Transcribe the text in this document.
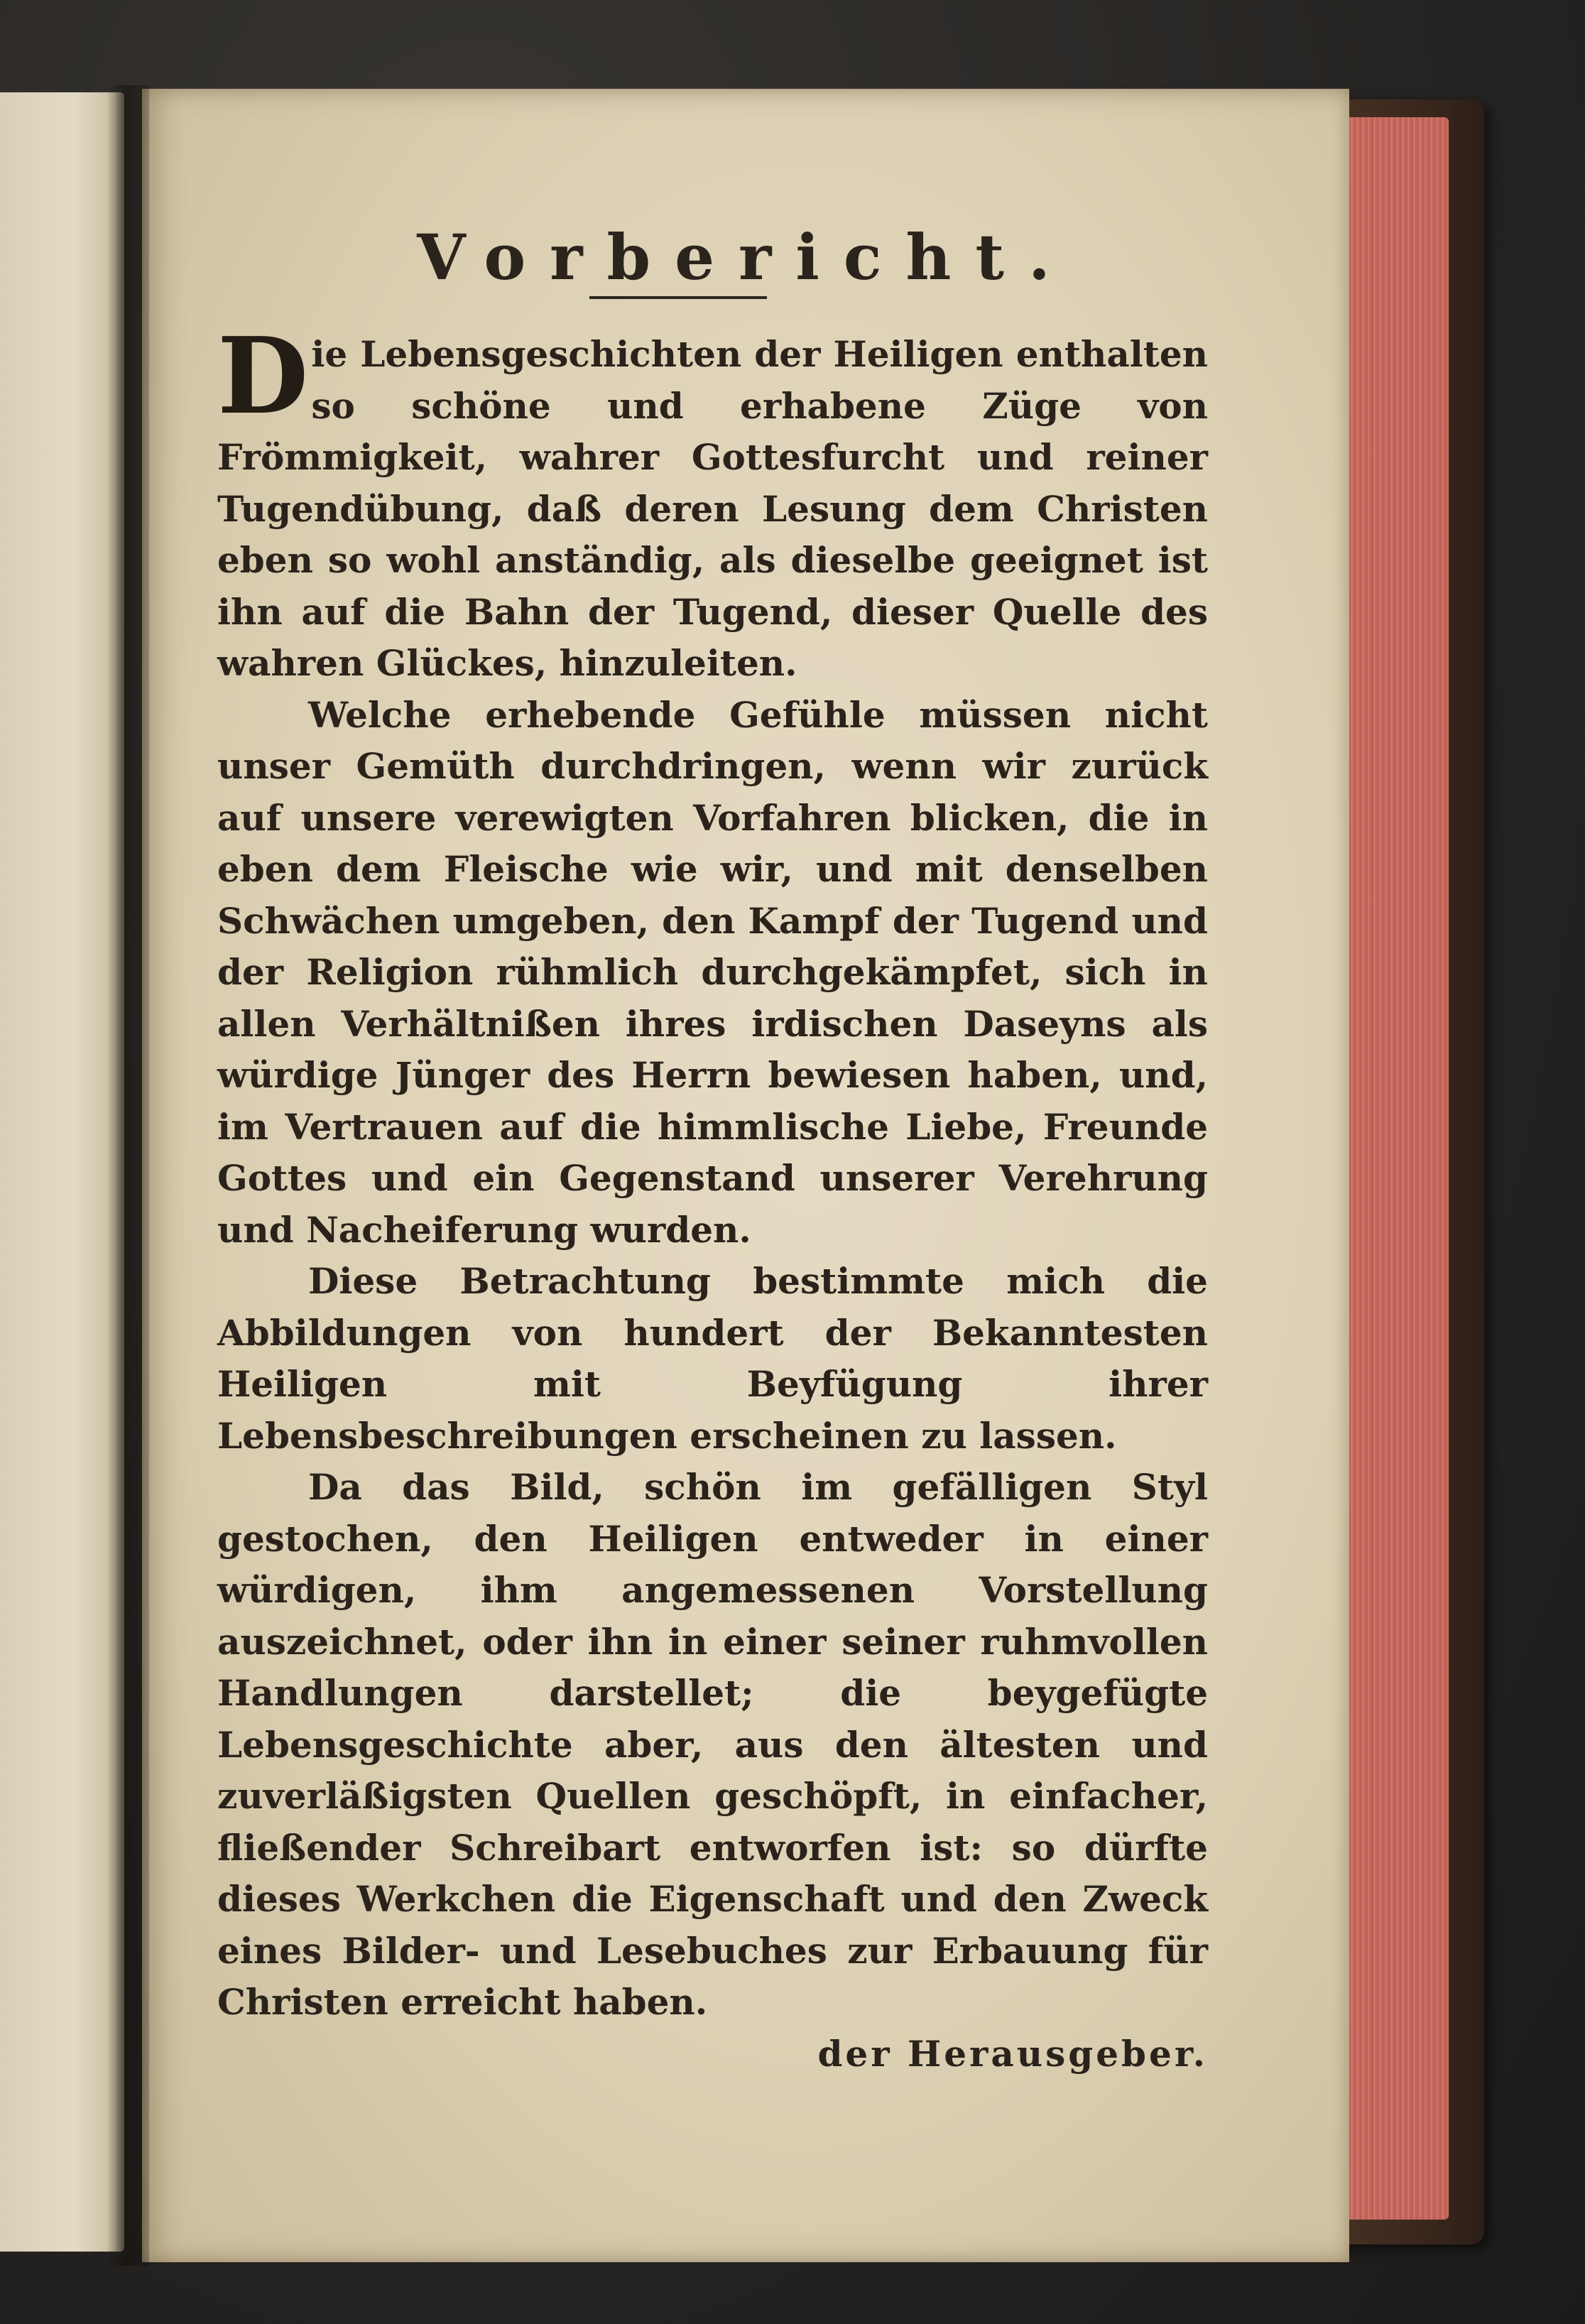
Vorbericht.

Die Lebensgeschichten der Heiligen enthalten so schöne und erhabene Züge von Frömmigkeit, wahrer Gottesfurcht und reiner Tugendübung, daß deren Lesung dem Christen eben so wohl anständig, als dieselbe geeignet ist ihn auf die Bahn der Tugend, dieser Quelle des wahren Glückes, hinzuleiten.

Welche erhebende Gefühle müssen nicht unser Gemüth durchdringen, wenn wir zurück auf unsere verewigten Vorfahren blicken, die in eben dem Fleische wie wir, und mit denselben Schwächen umgeben, den Kampf der Tugend und der Religion rühmlich durchgekämpfet, sich in allen Verhältnißen ihres irdischen Daseyns als würdige Jünger des Herrn bewiesen haben, und, im Vertrauen auf die himmlische Liebe, Freunde Gottes und ein Gegenstand unserer Verehrung und Nacheiferung wurden.

Diese Betrachtung bestimmte mich die Abbildungen von hundert der Bekanntesten Heiligen mit Beyfügung ihrer Lebensbeschreibungen erscheinen zu lassen.

Da das Bild, schön im gefälligen Styl gestochen, den Heiligen entweder in einer würdigen, ihm angemessenen Vorstellung auszeichnet, oder ihn in einer seiner ruhmvollen Handlungen darstellet; die beygefügte Lebensgeschichte aber, aus den ältesten und zuverläßigsten Quellen geschöpft, in einfacher, fließender Schreibart entworfen ist: so dürfte dieses Werkchen die Eigenschaft und den Zweck eines Bilder- und Lesebuches zur Erbauung für Christen erreicht haben.

der Herausgeber.
